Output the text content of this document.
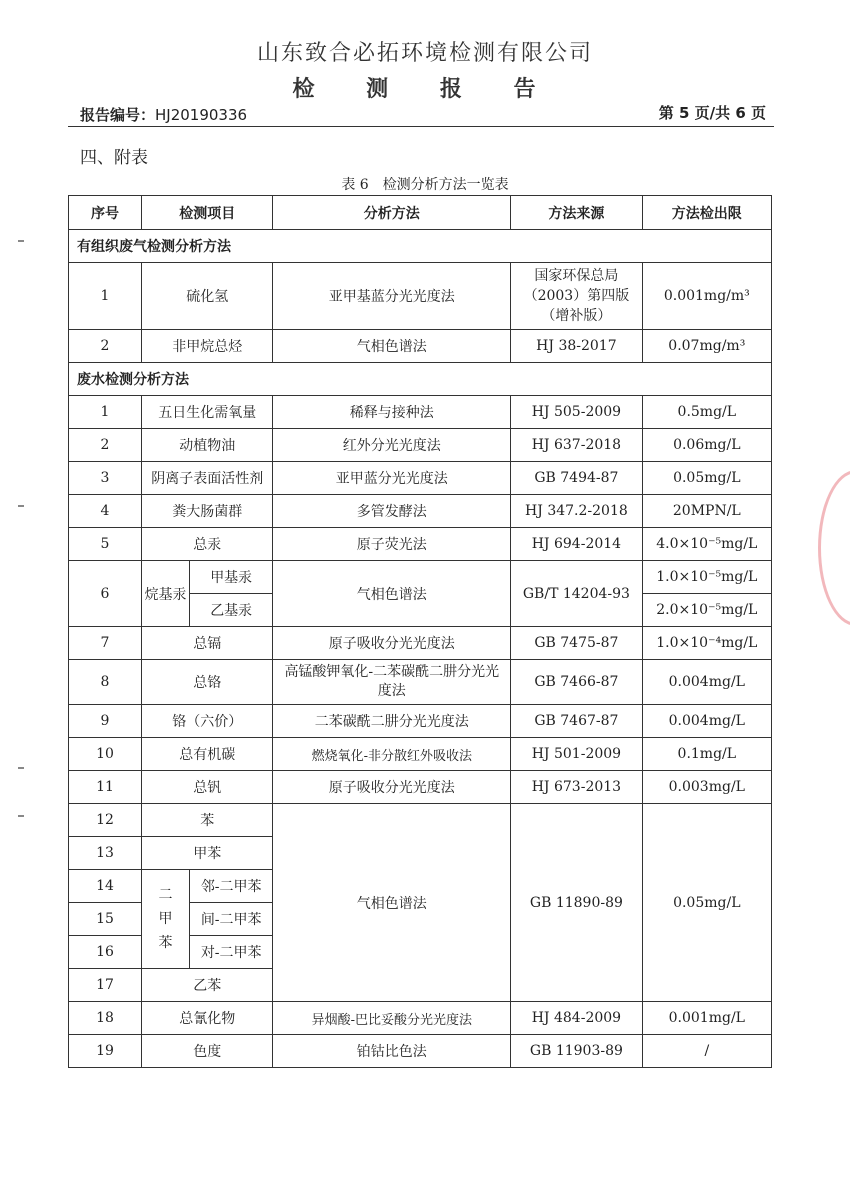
山东致合必拓环境检测有限公司
检 测 报 告
报告编号：HJ20190336	第 5 页/共 6 页
四、附表
表 6　检测分析方法一览表
序号	检测项目		分析方法	方法来源	方法检出限
有组织废气检测分析方法					
1	硫化氢		亚甲基蓝分光光度法	国家环保总局（2003）第四版（增补版）	0.001mg/m³
2	非甲烷总烃		气相色谱法	HJ 38-2017	0.07mg/m³
废水检测分析方法					
1	五日生化需氧量		稀释与接种法	HJ 505-2009	0.5mg/L
2	动植物油		红外分光光度法	HJ 637-2018	0.06mg/L
3	阴离子表面活性剂		亚甲蓝分光光度法	GB 7494-87	0.05mg/L
4	粪大肠菌群		多管发酵法	HJ 347.2-2018	20MPN/L
5	总汞		原子荧光法	HJ 694-2014	4.0×10⁻⁵mg/L
6	烷基汞	甲基汞	气相色谱法	GB/T 14204-93	1.0×10⁻⁵mg/L
		乙基汞			2.0×10⁻⁵mg/L
7	总镉		原子吸收分光光度法	GB 7475-87	1.0×10⁻⁴mg/L
8	总铬		高锰酸钾氧化-二苯碳酰二肼分光光度法	GB 7466-87	0.004mg/L
9	铬（六价）		二苯碳酰二肼分光光度法	GB 7467-87	0.004mg/L
10	总有机碳		燃烧氧化-非分散红外吸收法	HJ 501-2009	0.1mg/L
11	总钒		原子吸收分光光度法	HJ 673-2013	0.003mg/L
12	苯		气相色谱法	GB 11890-89	0.05mg/L
13	甲苯				
14	二甲苯	邻-二甲苯			
15		间-二甲苯			
16		对-二甲苯			
17	乙苯				
18	总氰化物		异烟酸-巴比妥酸分光光度法	HJ 484-2009	0.001mg/L
19	色度		铂钴比色法	GB 11903-89	/
